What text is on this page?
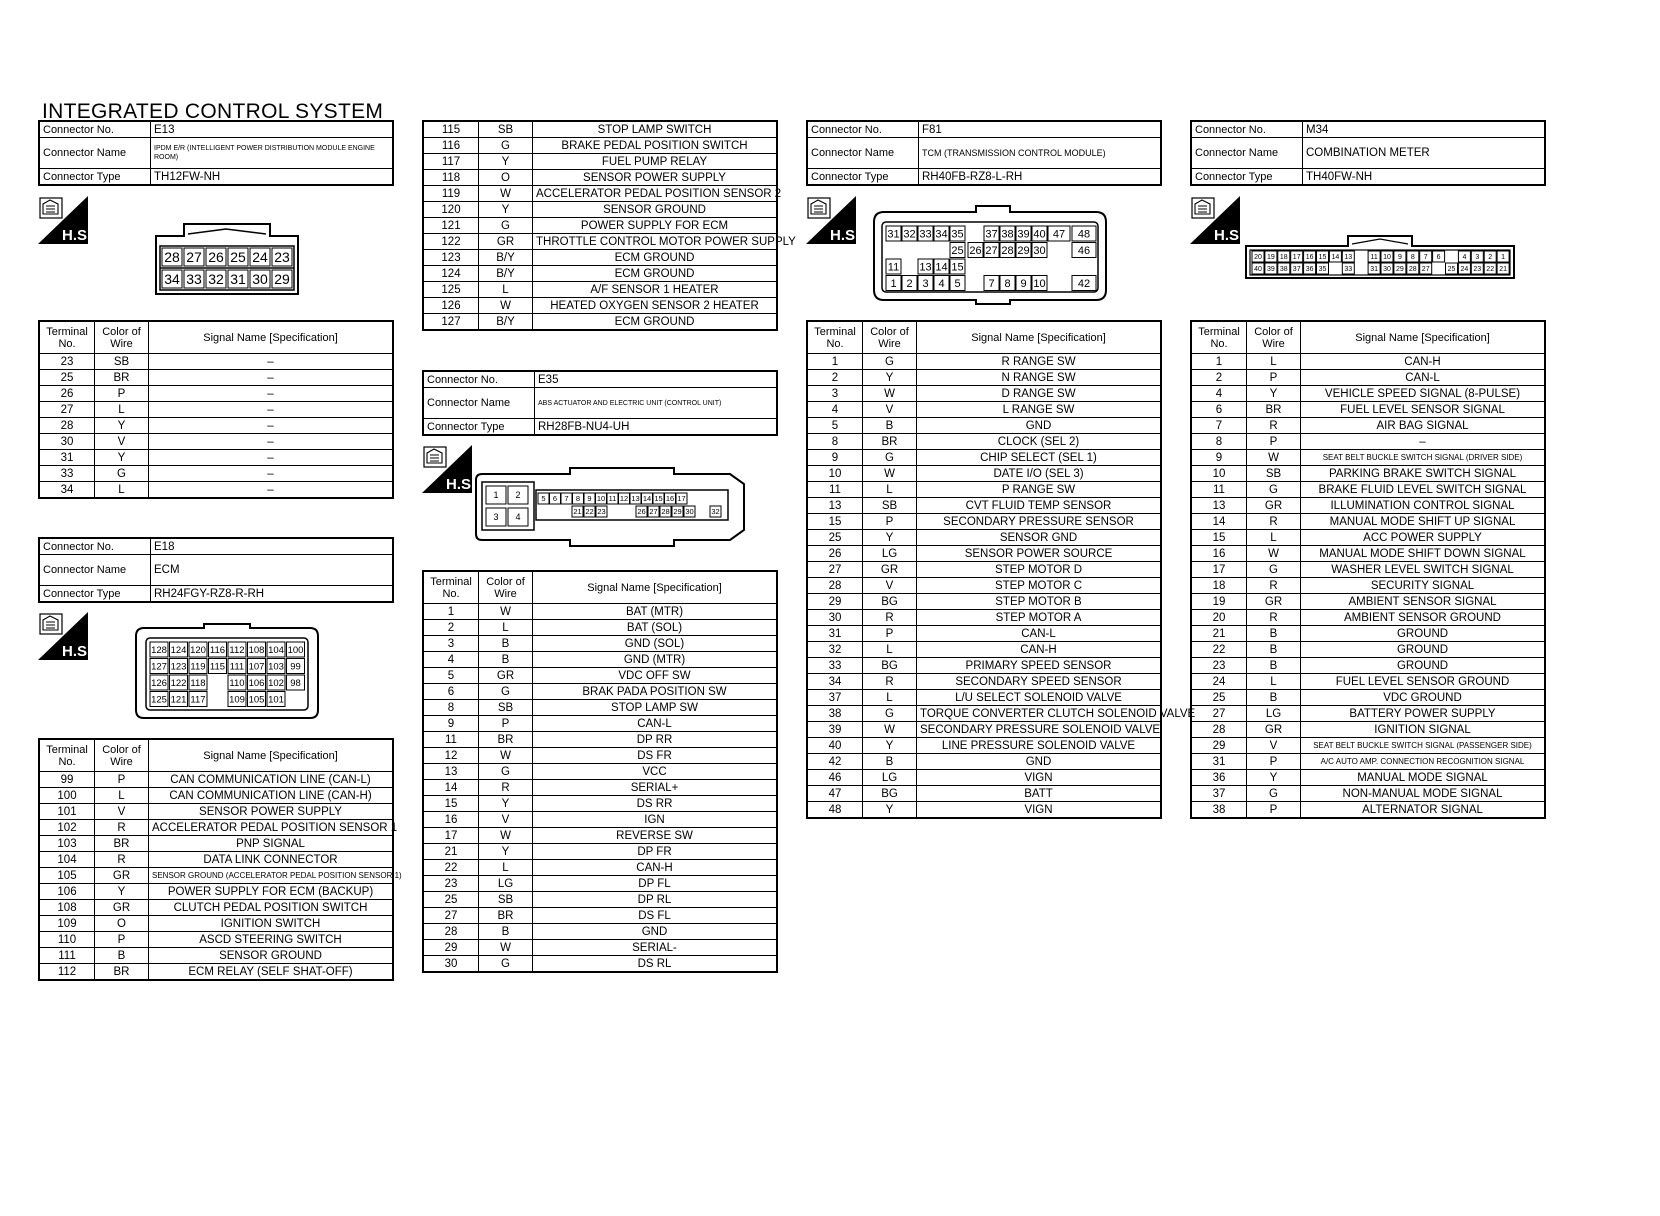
INTEGRATED CONTROL SYSTEM
Connector No.	E13
Connector Name	IPDM E/R (INTELLIGENT POWER DISTRIBUTION MODULE ENGINE ROOM)
Connector Type	TH12FW-NH
H.S.
28 27 26 25 24 23
34 33 32 31 30 29
Terminal No.	Color of Wire	Signal Name [Specification]
23	SB	–
25	BR	–
26	P	–
27	L	–
28	Y	–
30	V	–
31	Y	–
33	G	–
34	L	–
Connector No.	E18
Connector Name	ECM
Connector Type	RH24FGY-RZ8-R-RH
H.S.	128 124 120 116 112 108 104 100
127 123 119 115 111 107 103 99
126 122 118	110 106 102 98
125 121 117 109 105 101
Terminal No.	Color of Wire	Signal Name [Specification]
99	P	CAN COMMUNICATION LINE (CAN-L)
100	L	CAN COMMUNICATION LINE (CAN-H)
101	V	SENSOR POWER SUPPLY
102	R	ACCELERATOR PEDAL POSITION SENSOR 1
103	BR	PNP SIGNAL
104	R	DATA LINK CONNECTOR
105	GR	SENSOR GROUND (ACCELERATOR PEDAL POSITION SENSOR 1)
106	Y	POWER SUPPLY FOR ECM (BACKUP)
108	GR	CLUTCH PEDAL POSITION SWITCH
109	O	IGNITION SWITCH
110	P	ASCD STEERING SWITCH
111	B	SENSOR GROUND
112	BR	ECM RELAY (SELF SHAT-OFF)
115	SB	STOP LAMP SWITCH
116	G	BRAKE PEDAL POSITION SWITCH
117	Y	FUEL PUMP RELAY
118	O	SENSOR POWER SUPPLY
119	W	ACCELERATOR PEDAL POSITION SENSOR 2
120	Y	SENSOR GROUND
121	G	POWER SUPPLY FOR ECM
122	GR	THROTTLE CONTROL MOTOR POWER SUPPLY
123	B/Y	ECM GROUND
124	B/Y	ECM GROUND
125	L	A/F SENSOR 1 HEATER
126	W	HEATED OXYGEN SENSOR 2 HEATER
127	B/Y	ECM GROUND
Connector No.	E35
Connector Name	ABS ACTUATOR AND ELECTRIC UNIT (CONTROL UNIT)
Connector Type	RH28FB-NU4-UH
H.S.
1 2
3 4
5 6 7 8 9 10 11 12 13 14 15 16 17
21 22 23	26 27 28 29 30 32
Terminal No.	Color of Wire	Signal Name [Specification]
1	W	BAT (MTR)
2	L	BAT (SOL)
3	B	GND (SOL)
4	B	GND (MTR)
5	GR	VDC OFF SW
6	G	BRAK PADA POSITION SW
8	SB	STOP LAMP SW
9	P	CAN-L
11	BR	DP RR
12	W	DS FR
13	G	VCC
14	R	SERIAL+
15	Y	DS RR
16	V	IGN
17	W	REVERSE SW
21	Y	DP FR
22	L	CAN-H
23	LG	DP FL
25	SB	DP RL
27	BR	DS FL
28	B	GND
29	W	SERIAL-
30	G	DS RL
Connector No.	F81
Connector Name	TCM (TRANSMISSION CONTROL MODULE)
Connector Type	RH40FB-RZ8-L-RH
H.S.	31 32 33 34 35 37 38 39 40 47 48
25 26 27 28 29 30	46
11 13 14 15
1 2 3 4 5	7 8 9 10	42
Terminal No.	Color of Wire	Signal Name [Specification]
1	G	R RANGE SW
2	Y	N RANGE SW
3	W	D RANGE SW
4	V	L RANGE SW
5	B	GND
8	BR	CLOCK (SEL 2)
9	G	CHIP SELECT (SEL 1)
10	W	DATE I/O (SEL 3)
11	L	P RANGE SW
13	SB	CVT FLUID TEMP SENSOR
15	P	SECONDARY PRESSURE SENSOR
25	Y	SENSOR GND
26	LG	SENSOR POWER SOURCE
27	GR	STEP MOTOR D
28	V	STEP MOTOR C
29	BG	STEP MOTOR B
30	R	STEP MOTOR A
31	P	CAN-L
32	L	CAN-H
33	BG	PRIMARY SPEED SENSOR
34	R	SECONDARY SPEED SENSOR
37	L	L/U SELECT SOLENOID VALVE
38	G	TORQUE CONVERTER CLUTCH SOLENOID VALVE
39	W	SECONDARY PRESSURE SOLENOID VALVE
40	Y	LINE PRESSURE SOLENOID VALVE
42	B	GND
46	LG	VIGN
47	BG	BATT
48	Y	VIGN
Connector No.	M34
Connector Name	COMBINATION METER
Connector Type	TH40FW-NH
H.S.
20 19 18 17 16 15 14 13	11 10 9 8 7 6	4 3 2 1
40 39 38 37 36 35	33	31 30 29 28 27	25 24 23 22 21
Terminal No.	Color of Wire	Signal Name [Specification]
1	L	CAN-H
2	P	CAN-L
4	Y	VEHICLE SPEED SIGNAL (8-PULSE)
6	BR	FUEL LEVEL SENSOR SIGNAL
7	R	AIR BAG SIGNAL
8	P	–
9	W	SEAT BELT BUCKLE SWITCH SIGNAL (DRIVER SIDE)
10	SB	PARKING BRAKE SWITCH SIGNAL
11	G	BRAKE FLUID LEVEL SWITCH SIGNAL
13	GR	ILLUMINATION CONTROL SIGNAL
14	R	MANUAL MODE SHIFT UP SIGNAL
15	L	ACC POWER SUPPLY
16	W	MANUAL MODE SHIFT DOWN SIGNAL
17	G	WASHER LEVEL SWITCH SIGNAL
18	R	SECURITY SIGNAL
19	GR	AMBIENT SENSOR SIGNAL
20	R	AMBIENT SENSOR GROUND
21	B	GROUND
22	B	GROUND
23	B	GROUND
24	L	FUEL LEVEL SENSOR GROUND
25	B	VDC GROUND
27	LG	BATTERY POWER SUPPLY
28	GR	IGNITION SIGNAL
29	V	SEAT BELT BUCKLE SWITCH SIGNAL (PASSENGER SIDE)
31	P	A/C AUTO AMP. CONNECTION RECOGNITION SIGNAL
36	Y	MANUAL MODE SIGNAL
37	G	NON-MANUAL MODE SIGNAL
38	P	ALTERNATOR SIGNAL
